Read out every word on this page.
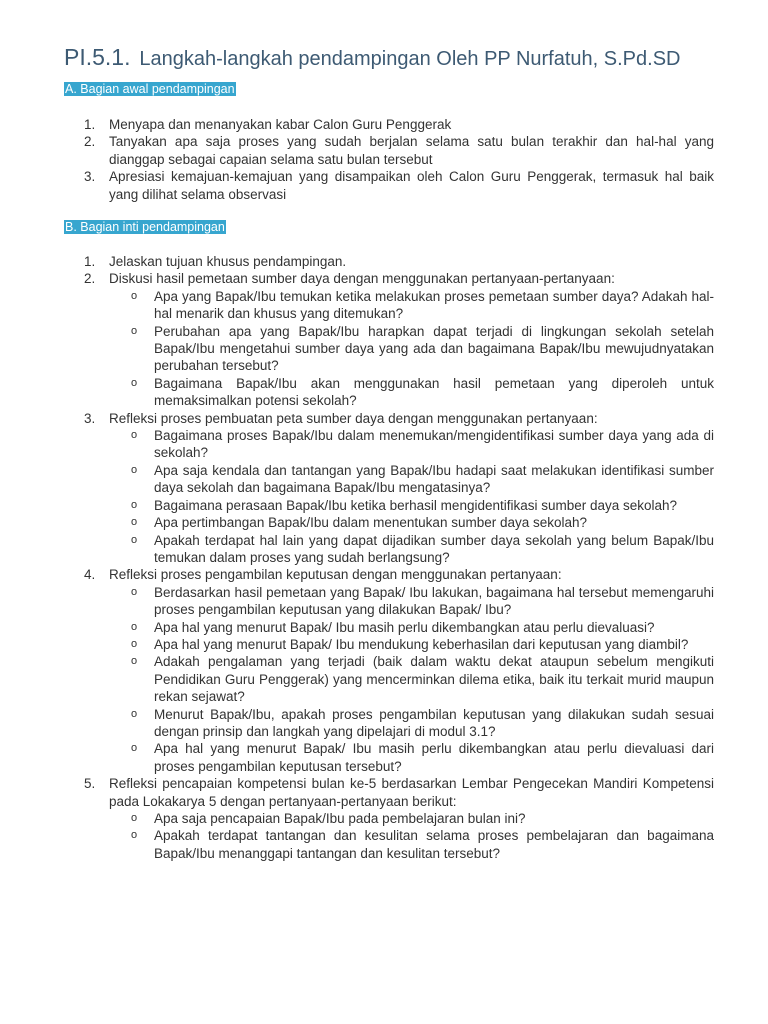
PI.5.1. Langkah-langkah pendampingan Oleh PP Nurfatuh, S.Pd.SD

A. Bagian awal pendampingan

1. Menyapa dan menanyakan kabar Calon Guru Penggerak
2. Tanyakan apa saja proses yang sudah berjalan selama satu bulan terakhir dan hal-hal yang dianggap sebagai capaian selama satu bulan tersebut
3. Apresiasi kemajuan-kemajuan yang disampaikan oleh Calon Guru Penggerak, termasuk hal baik yang dilihat selama observasi

B. Bagian inti pendampingan

1. Jelaskan tujuan khusus pendampingan.
2. Diskusi hasil pemetaan sumber daya dengan menggunakan pertanyaan-pertanyaan:
o Apa yang Bapak/Ibu temukan ketika melakukan proses pemetaan sumber daya? Adakah hal-hal menarik dan khusus yang ditemukan?
o Perubahan apa yang Bapak/Ibu harapkan dapat terjadi di lingkungan sekolah setelah Bapak/Ibu mengetahui sumber daya yang ada dan bagaimana Bapak/Ibu mewujudnyatakan perubahan tersebut?
o Bagaimana Bapak/Ibu akan menggunakan hasil pemetaan yang diperoleh untuk memaksimalkan potensi sekolah?
3. Refleksi proses pembuatan peta sumber daya dengan menggunakan pertanyaan:
o Bagaimana proses Bapak/Ibu dalam menemukan/mengidentifikasi sumber daya yang ada di sekolah?
o Apa saja kendala dan tantangan yang Bapak/Ibu hadapi saat melakukan identifikasi sumber daya sekolah dan bagaimana Bapak/Ibu mengatasinya?
o Bagaimana perasaan Bapak/Ibu ketika berhasil mengidentifikasi sumber daya sekolah?
o Apa pertimbangan Bapak/Ibu dalam menentukan sumber daya sekolah?
o Apakah terdapat hal lain yang dapat dijadikan sumber daya sekolah yang belum Bapak/Ibu temukan dalam proses yang sudah berlangsung?
4. Refleksi proses pengambilan keputusan dengan menggunakan pertanyaan:
o Berdasarkan hasil pemetaan yang Bapak/ Ibu lakukan, bagaimana hal tersebut memengaruhi proses pengambilan keputusan yang dilakukan Bapak/ Ibu?
o Apa hal yang menurut Bapak/ Ibu masih perlu dikembangkan atau perlu dievaluasi?
o Apa hal yang menurut Bapak/ Ibu mendukung keberhasilan dari keputusan yang diambil?
o Adakah pengalaman yang terjadi (baik dalam waktu dekat ataupun sebelum mengikuti Pendidikan Guru Penggerak) yang mencerminkan dilema etika, baik itu terkait murid maupun rekan sejawat?
o Menurut Bapak/Ibu, apakah proses pengambilan keputusan yang dilakukan sudah sesuai dengan prinsip dan langkah yang dipelajari di modul 3.1?
o Apa hal yang menurut Bapak/ Ibu masih perlu dikembangkan atau perlu dievaluasi dari proses pengambilan keputusan tersebut?
5. Refleksi pencapaian kompetensi bulan ke-5 berdasarkan Lembar Pengecekan Mandiri Kompetensi pada Lokakarya 5 dengan pertanyaan-pertanyaan berikut:
o Apa saja pencapaian Bapak/Ibu pada pembelajaran bulan ini?
o Apakah terdapat tantangan dan kesulitan selama proses pembelajaran dan bagaimana Bapak/Ibu menanggapi tantangan dan kesulitan tersebut?
